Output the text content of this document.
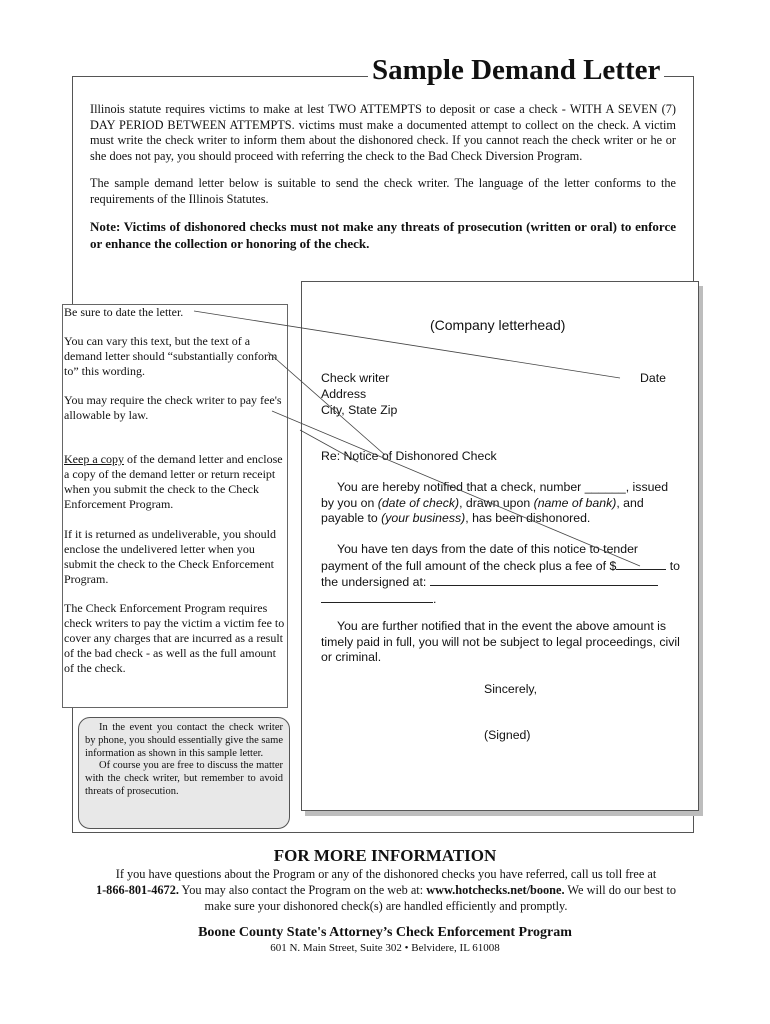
Sample Demand Letter
Illinois statute requires victims to make at lest TWO ATTEMPTS to deposit or case a check - WITH A SEVEN (7) DAY PERIOD BETWEEN ATTEMPTS. victims must make a documented attempt to collect on the check. A victim must write the check writer to inform them about the dishonored check. If you cannot reach the check writer or he or she does not pay, you should proceed with referring the check to the Bad Check Diversion Program.
The sample demand letter below is suitable to send the check writer. The language of the letter conforms to the requirements of the Illinois Statutes.
Note: Victims of dishonored checks must not make any threats of prosecution (written or oral) to enforce or enhance the collection or honoring of the check.
Be sure to date the letter.
You can vary this text, but the text of a demand letter should “substantially conform to” this wording.
You may require the check writer to pay fee's allowable by law.
Keep a copy of the demand letter and enclose a copy of the demand letter or return receipt when you submit the check to the Check Enforcement Program.
If it is returned as undeliverable, you should enclose the undelivered letter when you submit the check to the Check Enforcement Program.
The Check Enforcement Program requires check writers to pay the victim a victim fee to cover any charges that are incurred as a result of the bad check - as well as the full amount of the check.

In the event you contact the check writer by phone, you should essentially give the same information as shown in this sample letter.

Of course you are free to discuss the matter with the check writer, but remember to avoid threats of prosecution.

(Company letterhead)
Check writer	Date
Address
City, State Zip
Re: Notice of Dishonored Check
You are hereby notified that a check, number ______, issued by you on (date of check), drawn upon (name of bank), and payable to (your business), has been dishonored.
You have ten days from the date of this notice to tender payment of the full amount of the check plus a fee of $	to the undersigned at:
.
You are further notified that in the event the above amount is timely paid in full, you will not be subject to legal proceedings, civil or criminal.
Sincerely,
(Signed)
FOR MORE INFORMATION
If you have questions about the Program or any of the dishonored checks you have referred, call us toll free at
1-866-801-4672. You may also contact the Program on the web at: www.hotchecks.net/boone. We will do our best to make sure your dishonored check(s) are handled efficiently and promptly.
Boone County State's Attorney’s Check Enforcement Program
601 N. Main Street, Suite 302 • Belvidere, IL 61008
